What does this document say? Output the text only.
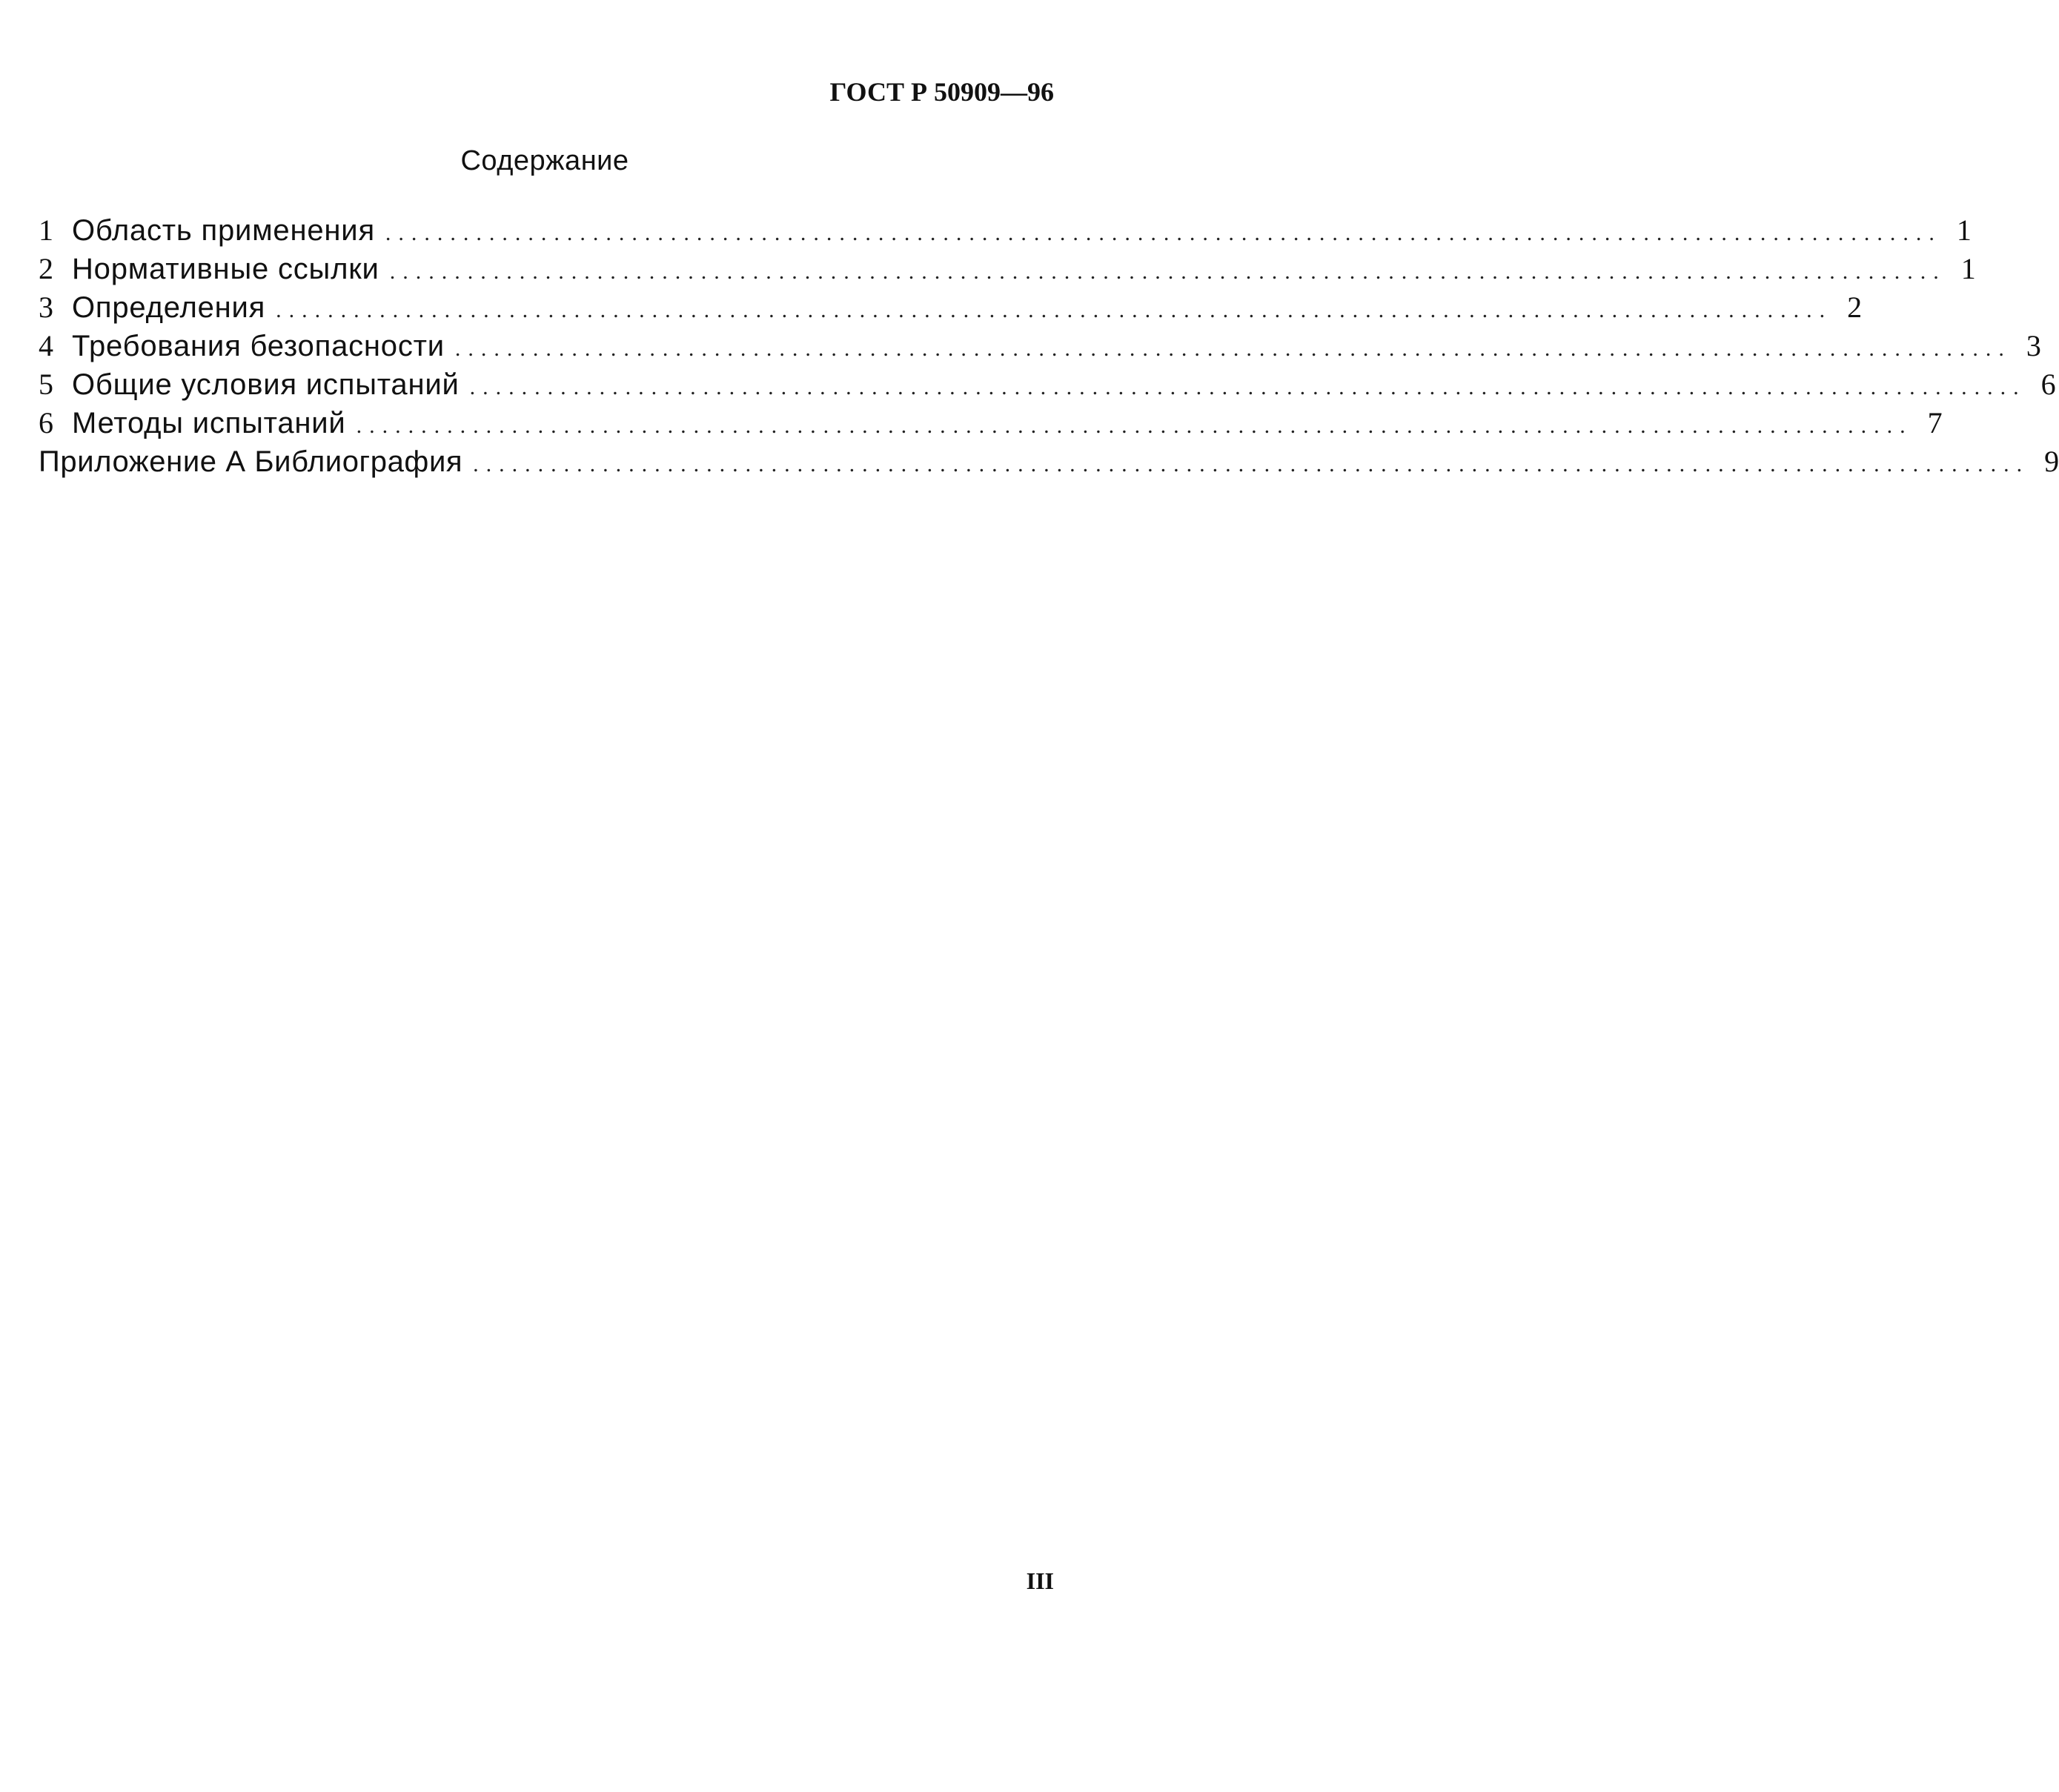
ГОСТ Р 50909—96
Содержание
1 Область применения ........................................................................................................................ 1
2 Нормативные ссылки ........................................................................................................................ 1
3 Определения ........................................................................................................................ 2
4 Требования безопасности ........................................................................................................................ 3
5 Общие условия испытаний ........................................................................................................................ 6
6 Методы испытаний ........................................................................................................................ 7
Приложение А Библиография ........................................................................................................................ 9
III
